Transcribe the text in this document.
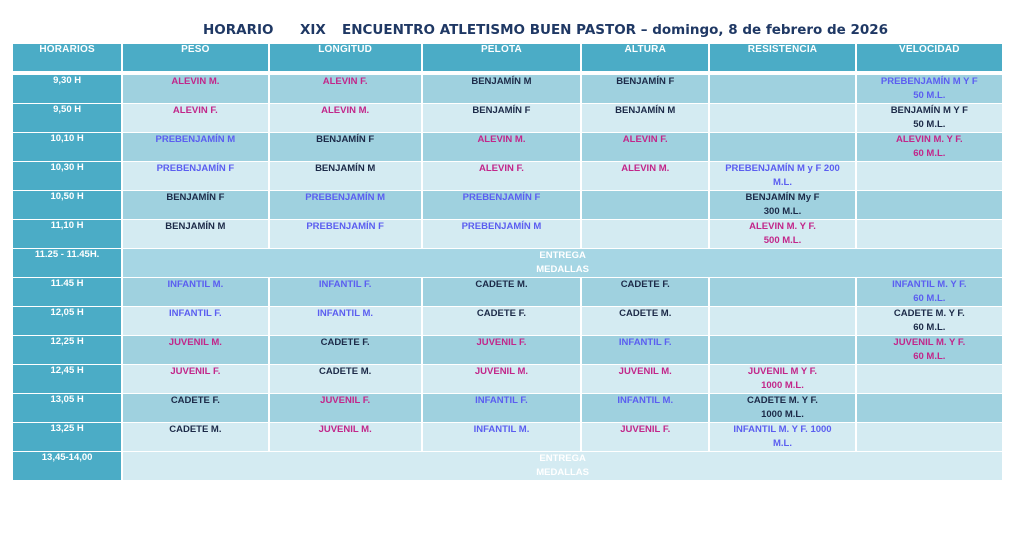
HORARIO XIX ENCUENTRO ATLETISMO BUEN PASTOR – domingo, 8 de febrero de 2026
HORARIOS	PESO	LONGITUD	PELOTA	ALTURA	RESISTENCIA	VELOCIDAD

9,30 H	ALEVIN M.	ALEVIN F.	BENJAMÍN M	BENJAMÍN F		PREBENJAMÍN M Y F
50 M.L.
9,50 H	ALEVIN F.	ALEVIN M.	BENJAMÍN F	BENJAMÍN M		BENJAMÍN M Y F
50 M.L.
10,10 H	PREBENJAMÍN M	BENJAMÍN F	ALEVIN M.	ALEVIN F.		ALEVIN M. Y F.
60 M.L.
10,30 H	PREBENJAMÍN F	BENJAMÍN M	ALEVIN F.	ALEVIN M.	PREBENJAMÍN M y F 200
M.L.	
10,50 H	BENJAMÍN F	PREBENJAMÍN M	PREBENJAMÍN F		BENJAMÍN My F
300 M.L.	
11,10 H	BENJAMÍN M	PREBENJAMÍN F	PREBENJAMÍN M		ALEVIN M. Y F.
500 M.L.	
11.25 - 11.45H.	ENTREGA
MEDALLAS					
11.45 H	INFANTIL M.	INFANTIL F.	CADETE M.	CADETE F.		INFANTIL M. Y F.
60 M.L.
12,05 H	INFANTIL F.	INFANTIL M.	CADETE F.	CADETE M.		CADETE M. Y F.
60 M.L.
12,25 H	JUVENIL M.	CADETE F.	JUVENIL F.	INFANTIL F.		JUVENIL M. Y F.
60 M.L.
12,45 H	JUVENIL F.	CADETE M.	JUVENIL M.	JUVENIL M.	JUVENIL M Y F.
1000 M.L.	
13,05 H	CADETE F.	JUVENIL F.	INFANTIL F.	INFANTIL M.	CADETE M. Y F.
1000 M.L.	
13,25 H	CADETE M.	JUVENIL M.	INFANTIL M.	JUVENIL F.	INFANTIL M. Y F. 1000
M.L.	
13,45-14,00	ENTREGA
MEDALLAS					
